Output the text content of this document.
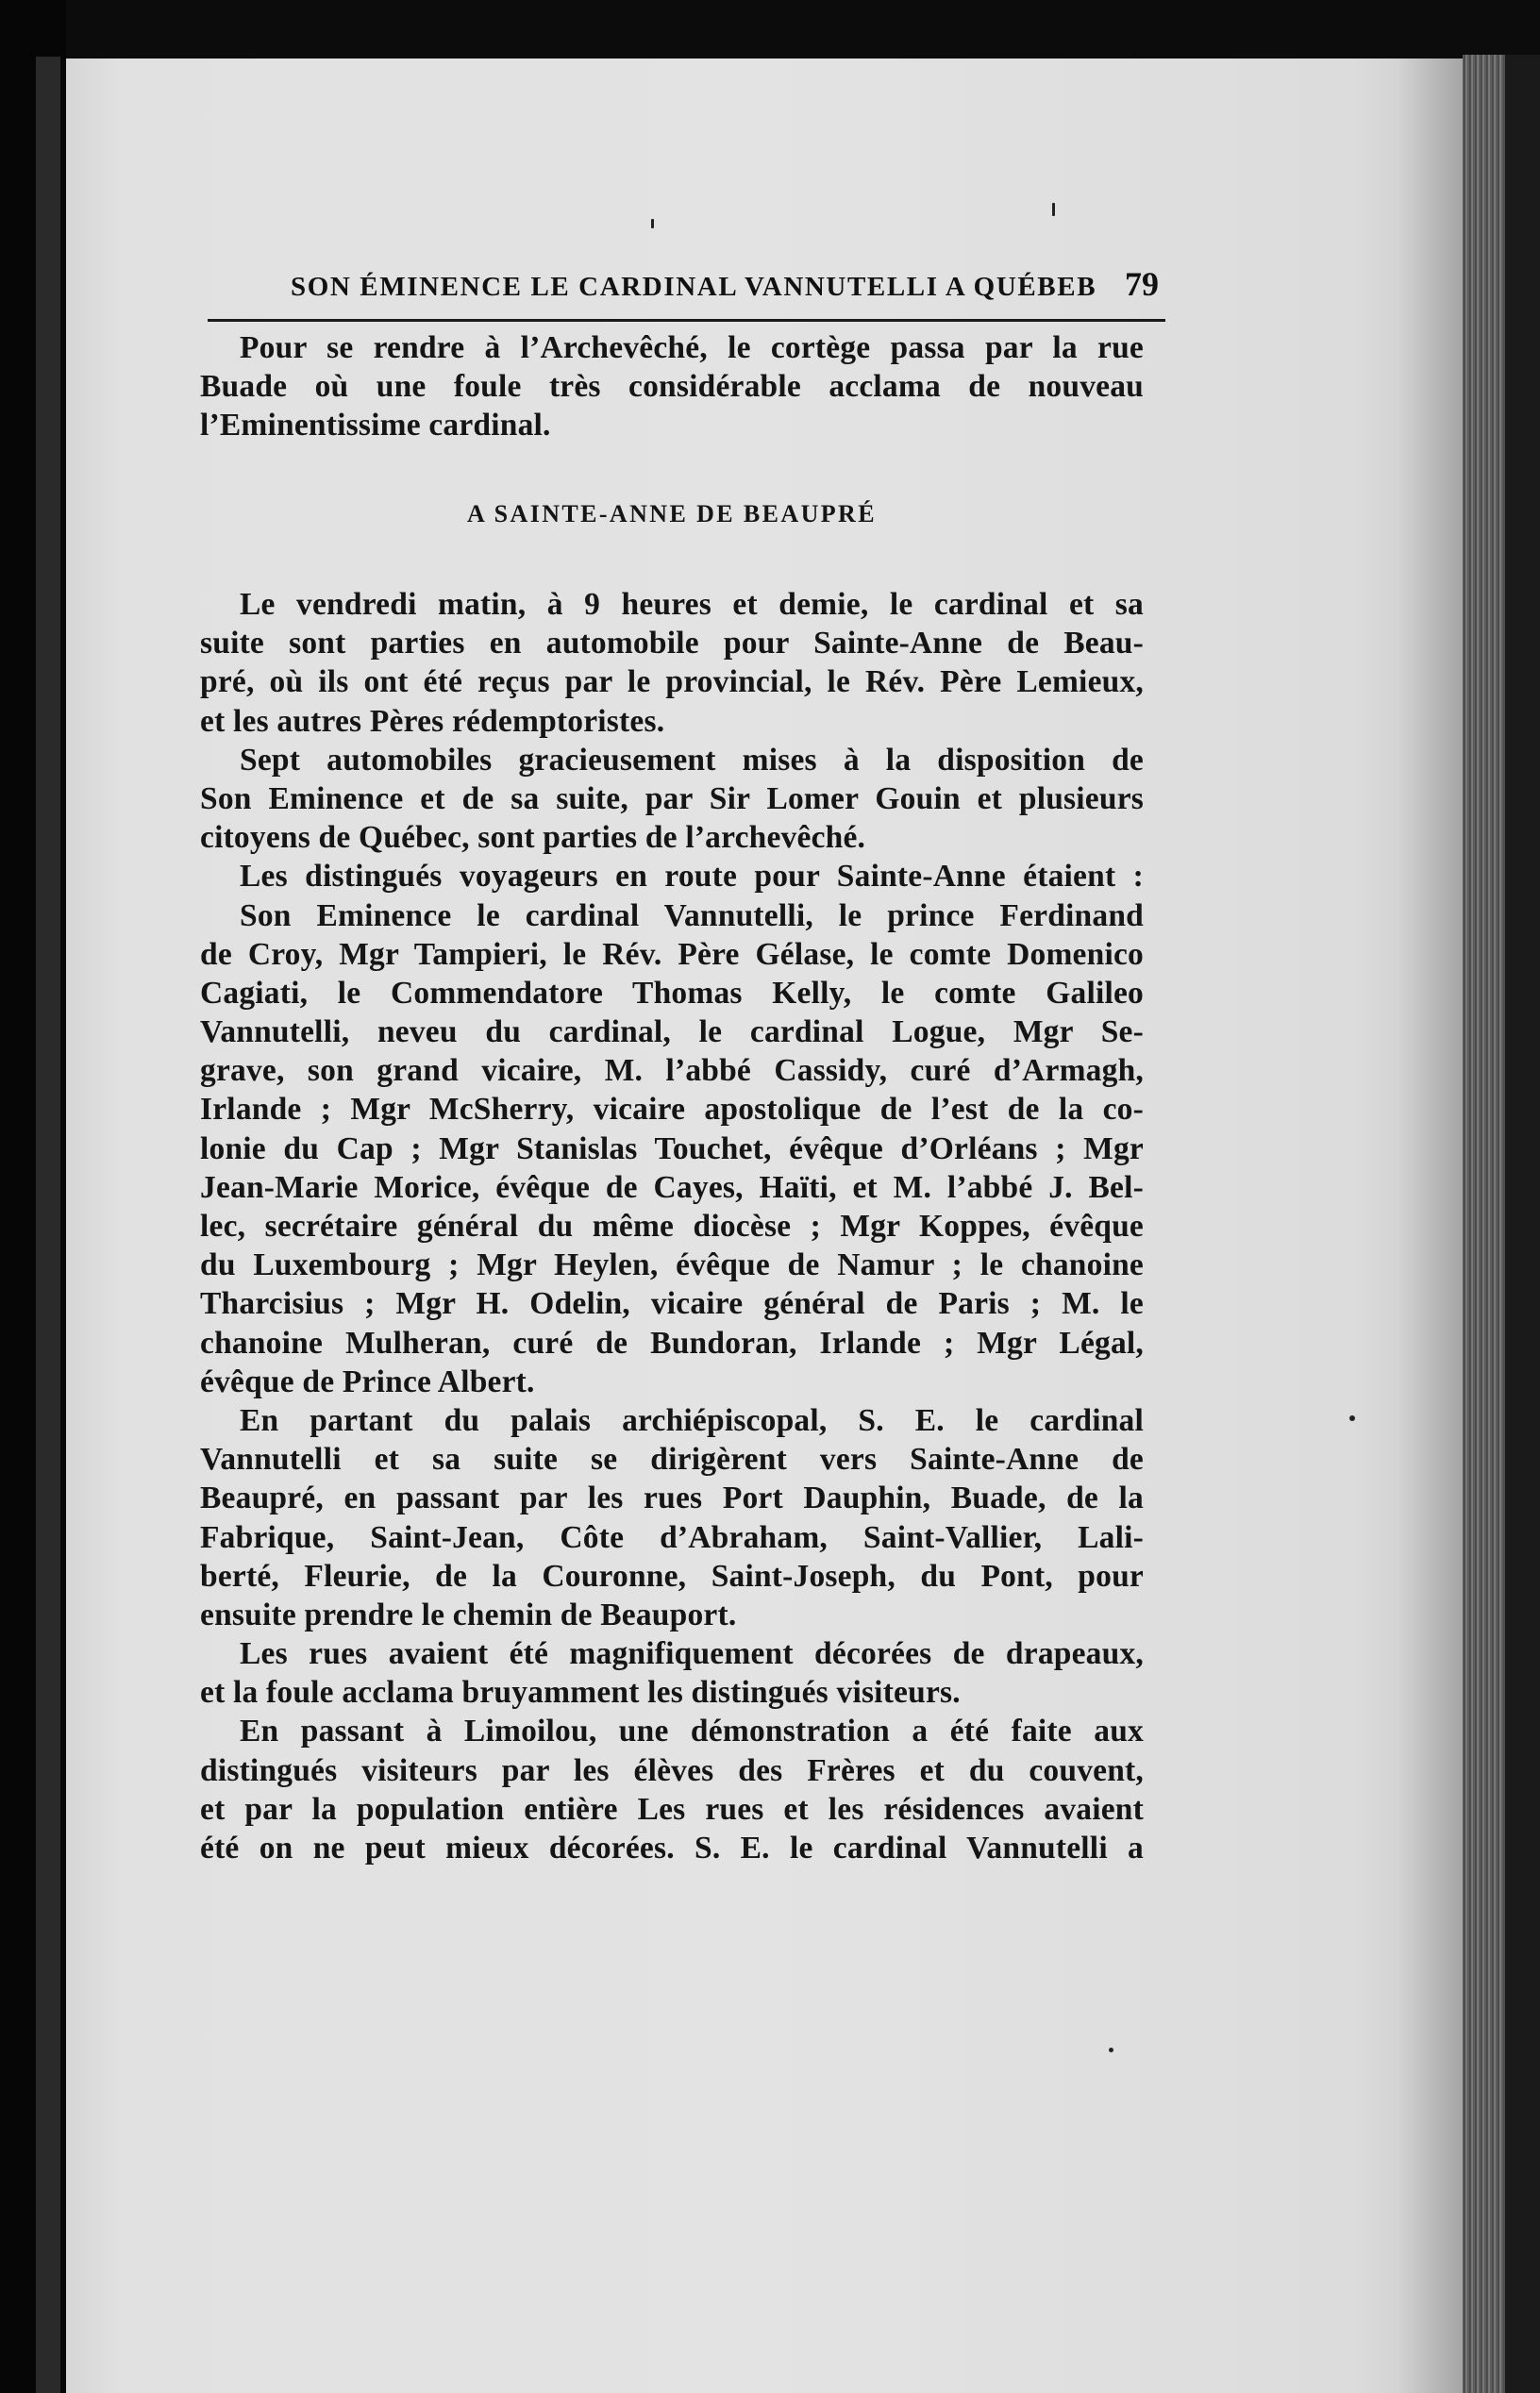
SON ÉMINENCE LE CARDINAL VANNUTELLI A QUÉBEB 79
Pour se rendre à l’Archevêché, le cortège passa par la rue
Buade où une foule très considérable acclama de nouveau
l’Eminentissime cardinal.
A SAINTE-ANNE DE BEAUPRÉ
Le vendredi matin, à 9 heures et demie, le cardinal et sa
suite sont parties en automobile pour Sainte-Anne de Beau-
pré, où ils ont été reçus par le provincial, le Rév. Père Lemieux,
et les autres Pères rédemptoristes.
Sept automobiles gracieusement mises à la disposition de
Son Eminence et de sa suite, par Sir Lomer Gouin et plusieurs
citoyens de Québec, sont parties de l’archevêché.
Les distingués voyageurs en route pour Sainte-Anne étaient :
Son Eminence le cardinal Vannutelli, le prince Ferdinand
de Croy, Mgr Tampieri, le Rév. Père Gélase, le comte Domenico
Cagiati, le Commendatore Thomas Kelly, le comte Galileo
Vannutelli, neveu du cardinal, le cardinal Logue, Mgr Se-
grave, son grand vicaire, M. l’abbé Cassidy, curé d’Armagh,
Irlande ; Mgr McSherry, vicaire apostolique de l’est de la co-
lonie du Cap ; Mgr Stanislas Touchet, évêque d’Orléans ; Mgr
Jean-Marie Morice, évêque de Cayes, Haïti, et M. l’abbé J. Bel-
lec, secrétaire général du même diocèse ; Mgr Koppes, évêque
du Luxembourg ; Mgr Heylen, évêque de Namur ; le chanoine
Tharcisius ; Mgr H. Odelin, vicaire général de Paris ; M. le
chanoine Mulheran, curé de Bundoran, Irlande ; Mgr Légal,
évêque de Prince Albert.
En partant du palais archiépiscopal, S. E. le cardinal
Vannutelli et sa suite se dirigèrent vers Sainte-Anne de
Beaupré, en passant par les rues Port Dauphin, Buade, de la
Fabrique, Saint-Jean, Côte d’Abraham, Saint-Vallier, Lali-
berté, Fleurie, de la Couronne, Saint-Joseph, du Pont, pour
ensuite prendre le chemin de Beauport.
Les rues avaient été magnifiquement décorées de drapeaux,
et la foule acclama bruyamment les distingués visiteurs.
En passant à Limoilou, une démonstration a été faite aux
distingués visiteurs par les élèves des Frères et du couvent,
et par la population entière Les rues et les résidences avaient
été on ne peut mieux décorées. S. E. le cardinal Vannutelli a
